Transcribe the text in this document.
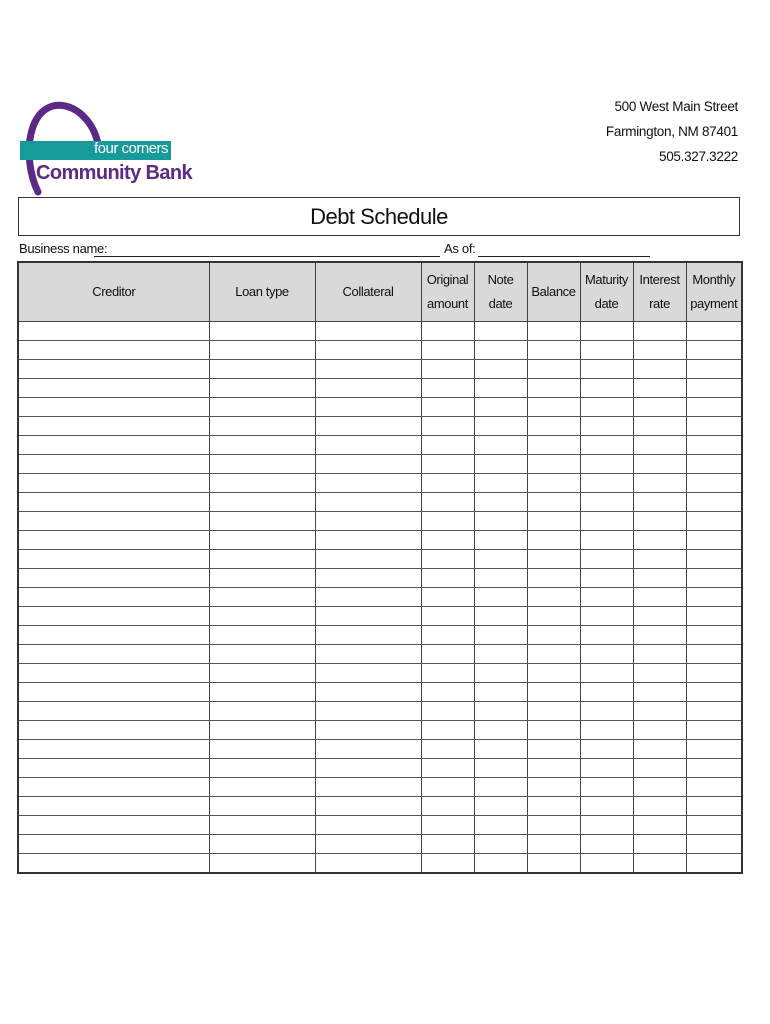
four corners
Community Bank
500 West Main Street
Farmington, NM 87401
505.327.3222
Debt Schedule
Business name:	As of:
Creditor	Loan type	Collateral	Original amount	Note date	Balance	Maturity date	Interest rate	Monthly payment
